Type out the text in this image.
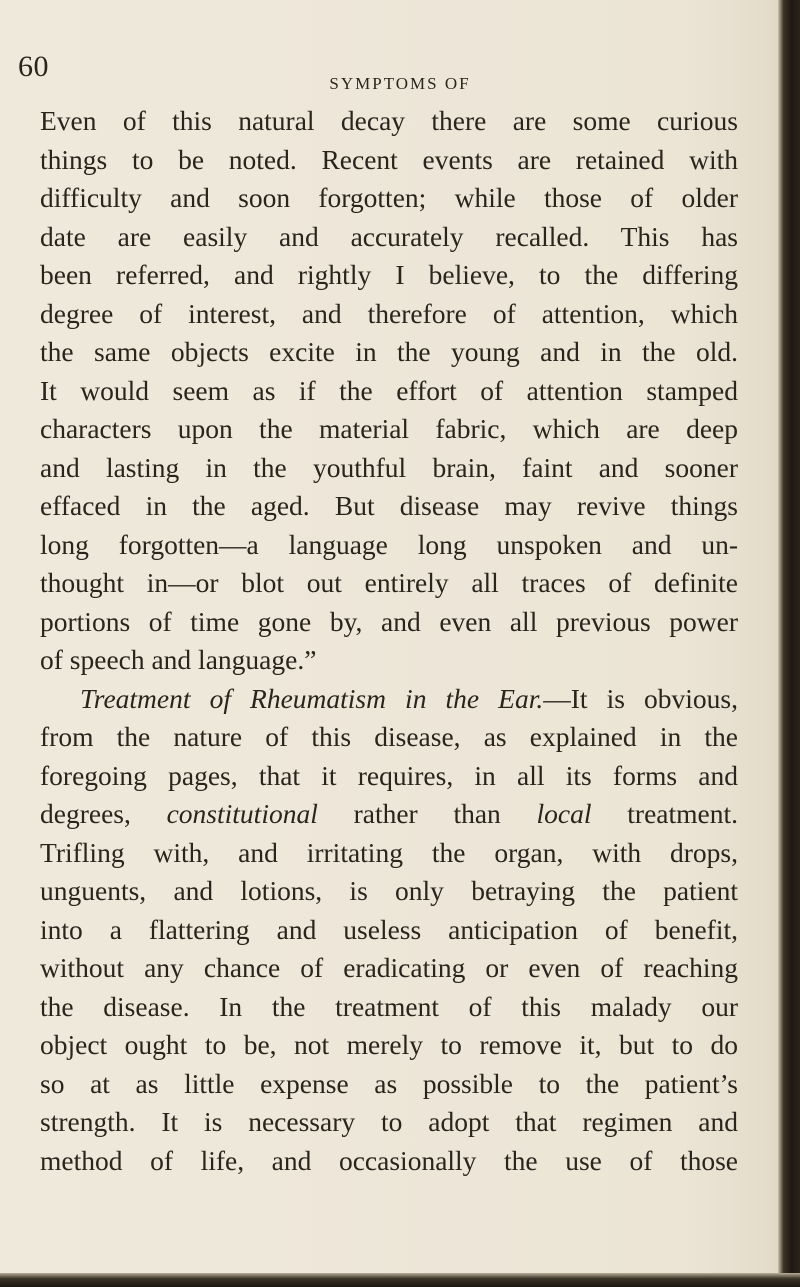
60
SYMPTOMS OF
Even of this natural decay there are some curious
things to be noted. Recent events are retained with
difficulty and soon forgotten; while those of older
date are easily and accurately recalled. This has
been referred, and rightly I believe, to the differing
degree of interest, and therefore of attention, which
the same objects excite in the young and in the old.
It would seem as if the effort of attention stamped
characters upon the material fabric, which are deep
and lasting in the youthful brain, faint and sooner
effaced in the aged. But disease may revive things
long forgotten—a language long unspoken and un-
thought in—or blot out entirely all traces of definite
portions of time gone by, and even all previous power
of speech and language.”
Treatment of Rheumatism in the Ear.—It is obvious,
from the nature of this disease, as explained in the
foregoing pages, that it requires, in all its forms and
degrees, constitutional rather than local treatment.
Trifling with, and irritating the organ, with drops,
unguents, and lotions, is only betraying the patient
into a flattering and useless anticipation of benefit,
without any chance of eradicating or even of reaching
the disease. In the treatment of this malady our
object ought to be, not merely to remove it, but to do
so at as little expense as possible to the patient’s
strength. It is necessary to adopt that regimen and
method of life, and occasionally the use of those
